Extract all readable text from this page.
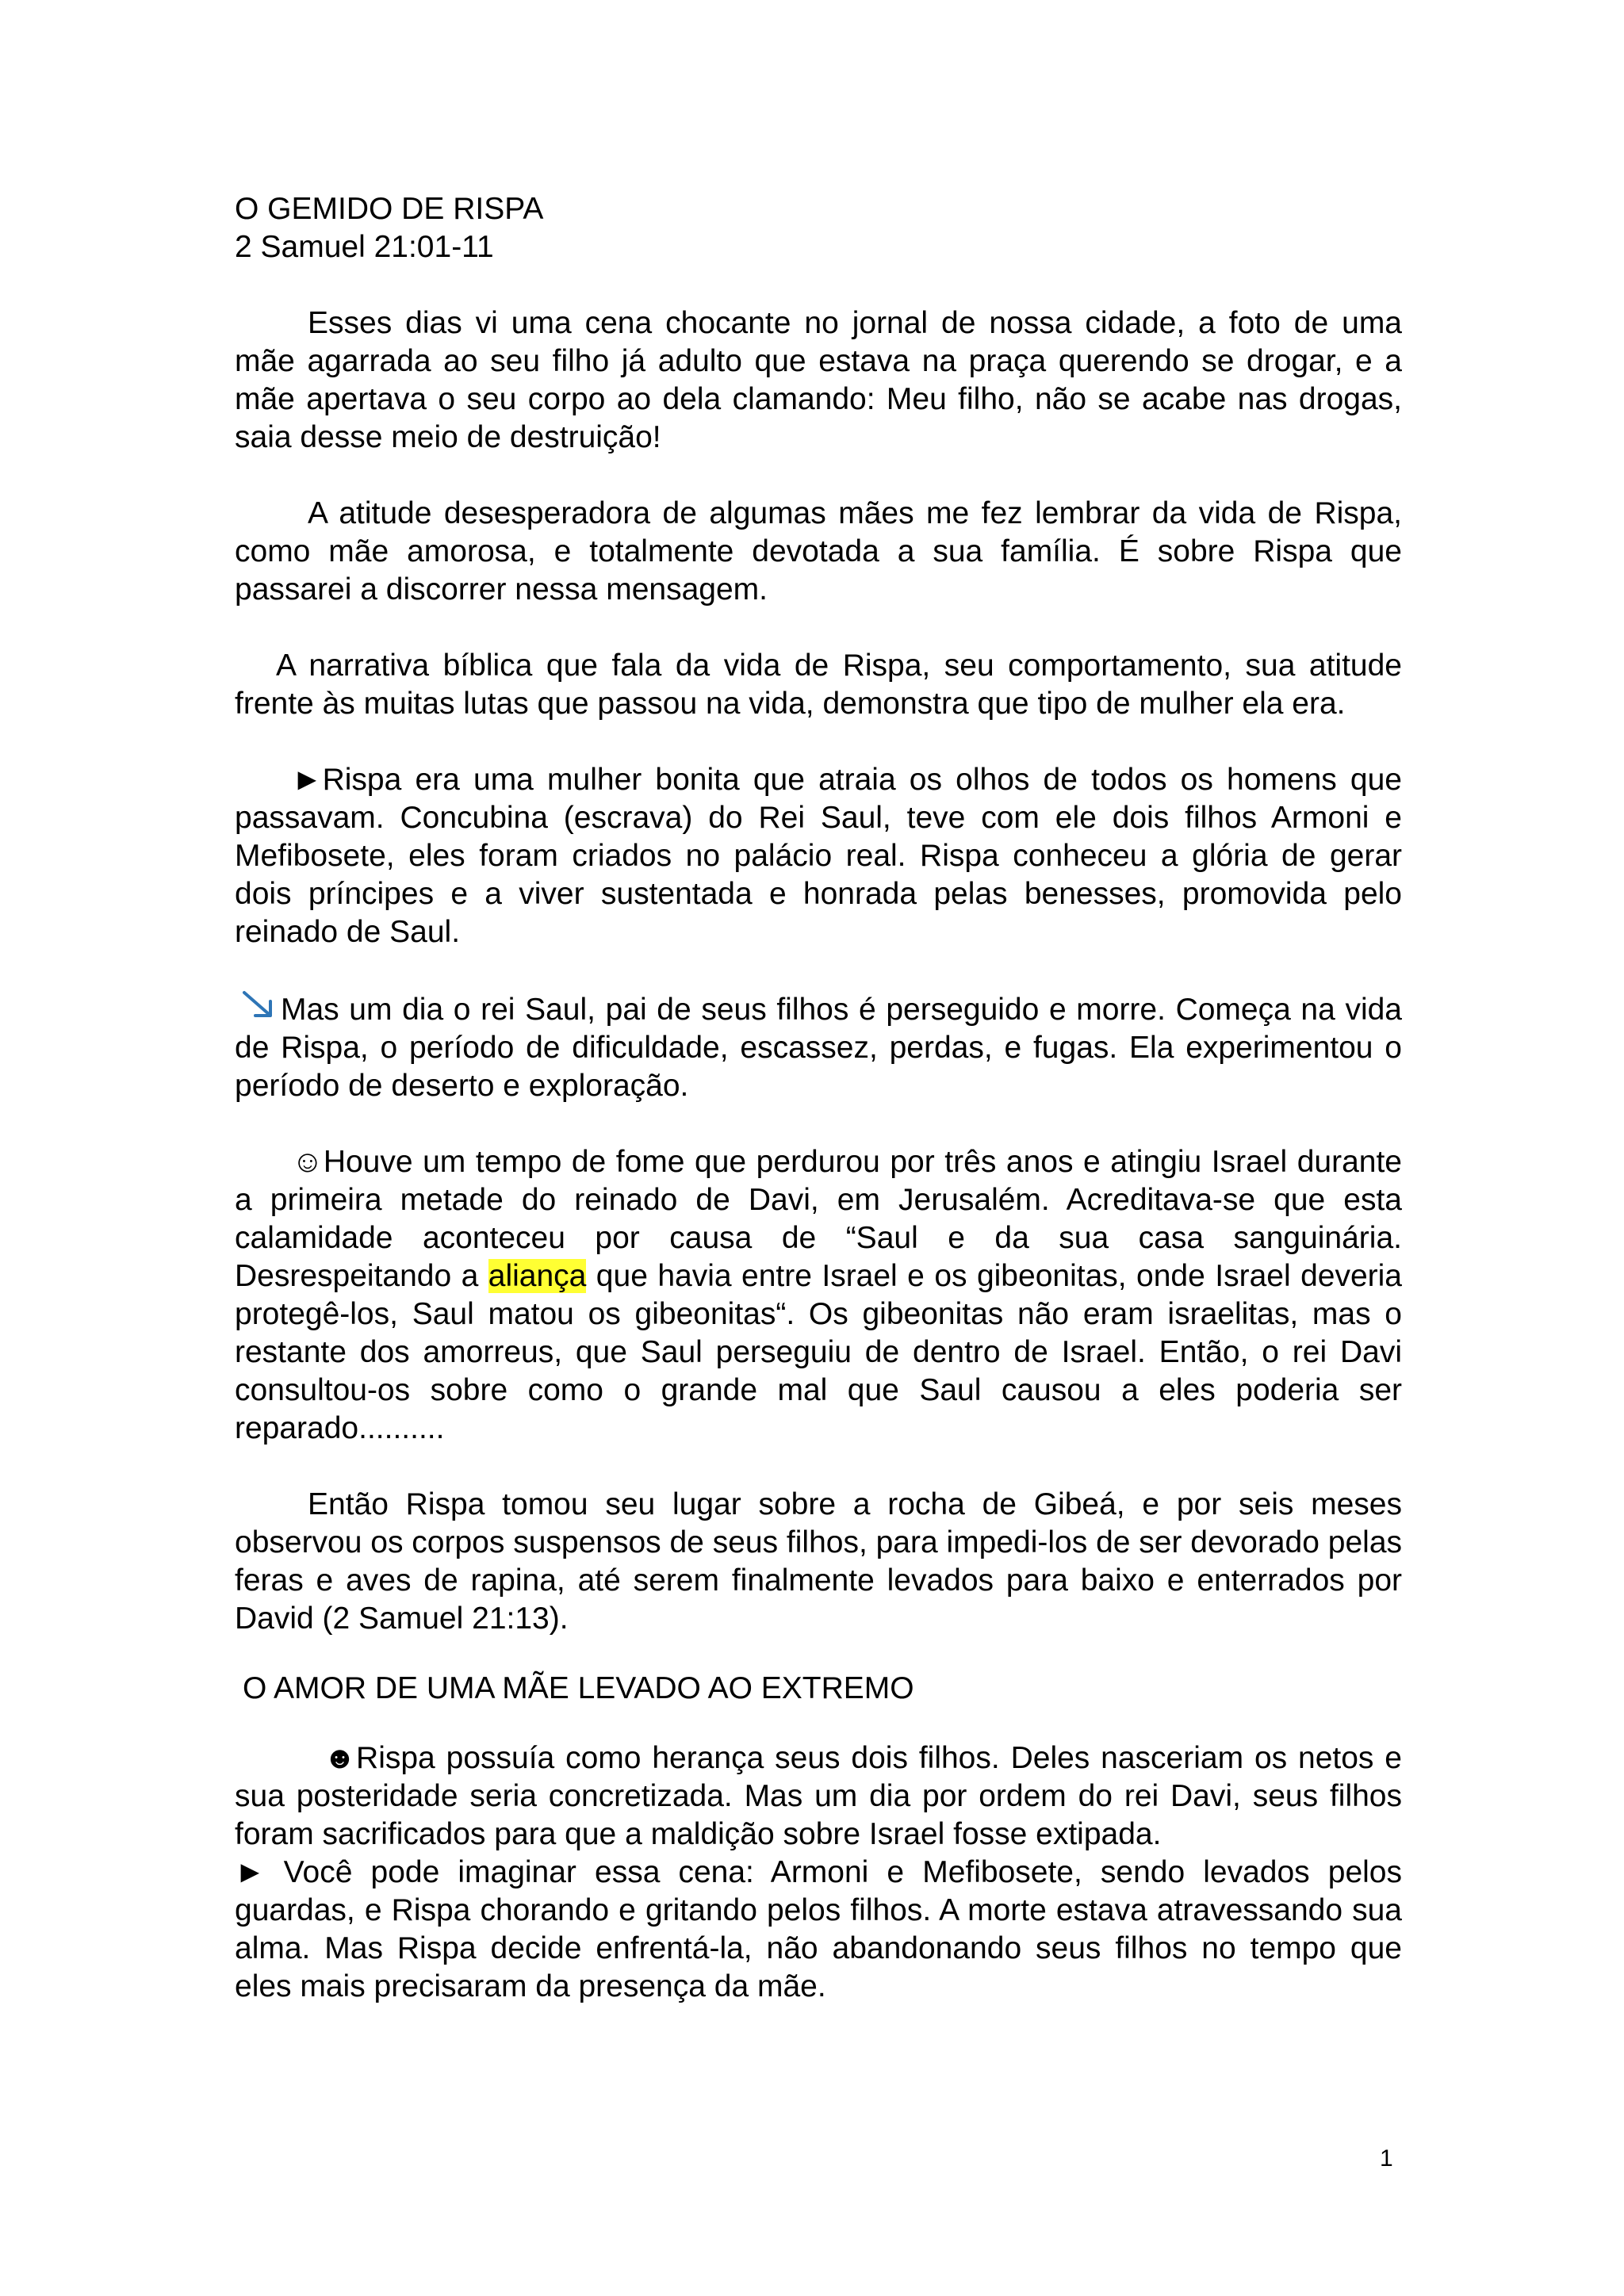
O GEMIDO DE RISPA
2 Samuel 21:01-11

Esses dias vi uma cena chocante no jornal de nossa cidade, a foto de uma mãe agarrada ao seu filho já adulto que estava na praça querendo se drogar, e a mãe apertava o seu corpo ao dela clamando: Meu filho, não se acabe nas drogas, saia desse meio de destruição!

A atitude desesperadora de algumas mães me fez lembrar da vida de Rispa, como mãe amorosa, e totalmente devotada a sua família. É sobre Rispa que passarei a discorrer nessa mensagem.

A narrativa bíblica que fala da vida de Rispa, seu comportamento, sua atitude frente às muitas lutas que passou na vida, demonstra que tipo de mulher ela era.

►Rispa era uma mulher bonita que atraia os olhos de todos os homens que passavam. Concubina (escrava) do Rei Saul, teve com ele dois filhos Armoni e Mefibosete, eles foram criados no palácio real. Rispa conheceu a glória de gerar dois príncipes e a viver sustentada e honrada pelas benesses, promovida pelo reinado de Saul.

Mas um dia o rei Saul, pai de seus filhos é perseguido e morre. Começa na vida de Rispa, o período de dificuldade, escassez, perdas, e fugas. Ela experimentou o período de deserto e exploração.

☺Houve um tempo de fome que perdurou por três anos e atingiu Israel durante a primeira metade do reinado de Davi, em Jerusalém. Acreditava-se que esta calamidade aconteceu por causa de “Saul e da sua casa sanguinária. Desrespeitando a aliança que havia entre Israel e os gibeonitas, onde Israel deveria protegê-los, Saul matou os gibeonitas“. Os gibeonitas não eram israelitas, mas o restante dos amorreus, que Saul perseguiu de dentro de Israel. Então, o rei Davi consultou-os sobre como o grande mal que Saul causou a eles poderia ser reparado..........

Então Rispa tomou seu lugar sobre a rocha de Gibeá, e por seis meses observou os corpos suspensos de seus filhos, para impedi-los de ser devorado pelas feras e aves de rapina, até serem finalmente levados para baixo e enterrados por David (2 Samuel 21:13).

O AMOR DE UMA MÃE LEVADO AO EXTREMO

☻Rispa possuía como herança seus dois filhos. Deles nasceriam os netos e sua posteridade seria concretizada. Mas um dia por ordem do rei Davi, seus filhos foram sacrificados para que a maldição sobre Israel fosse extipada.

► Você pode imaginar essa cena: Armoni e Mefibosete, sendo levados pelos guardas, e Rispa chorando e gritando pelos filhos. A morte estava atravessando sua alma. Mas Rispa decide enfrentá-la, não abandonando seus filhos no tempo que eles mais precisaram da presença da mãe.

1
